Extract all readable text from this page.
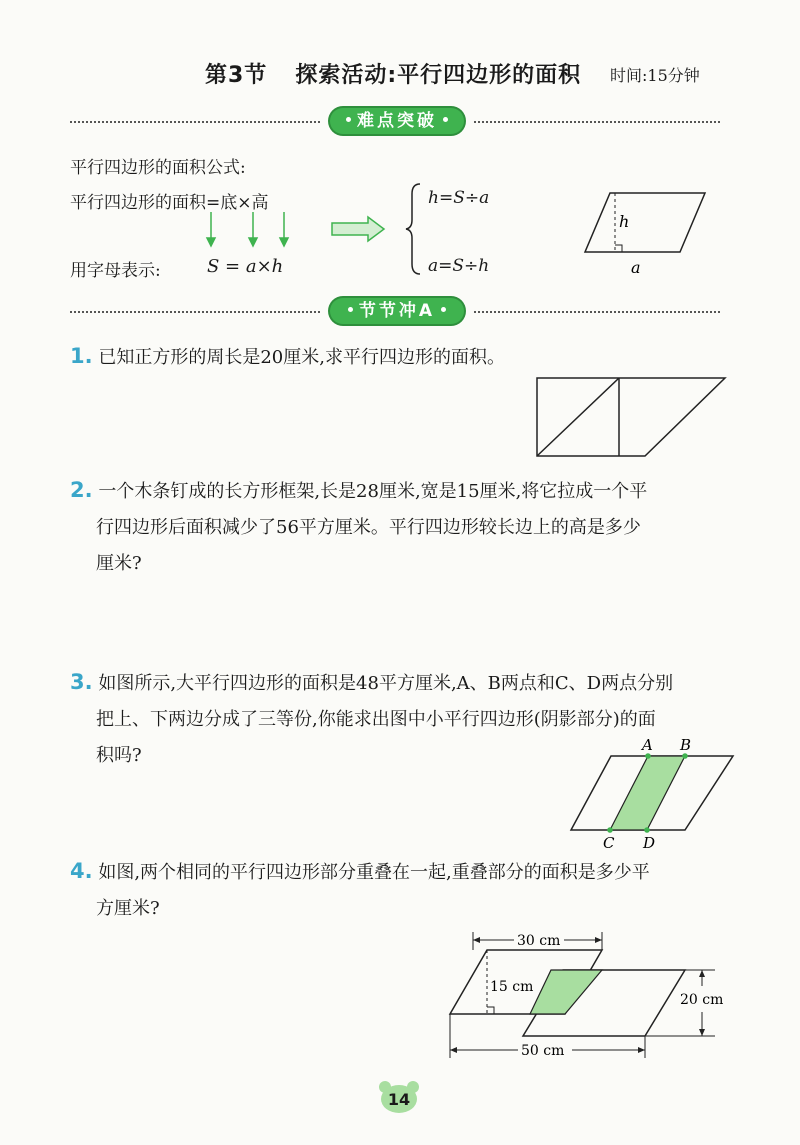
第3节 探索活动:平行四边形的面积 时间:15分钟
难点突破
平行四边形的面积公式:
平行四边形的面积=底×高
用字母表示:	S = a×h
h=S÷a
a=S÷h
h
a
节节冲A
1. 已知正方形的周长是20厘米,求平行四边形的面积。
2. 一个木条钉成的长方形框架,长是28厘米,宽是15厘米,将它拉成一个平
行四边形后面积减少了56平方厘米。平行四边形较长边上的高是多少
厘米?
3. 如图所示,大平行四边形的面积是48平方厘米,A、B两点和C、D两点分别
把上、下两边分成了三等份,你能求出图中小平行四边形(阴影部分)的面
积吗?	A B
C D
4. 如图,两个相同的平行四边形部分重叠在一起,重叠部分的面积是多少平
方厘米?
15 cm
30 cm
20 cm
50 cm
14
